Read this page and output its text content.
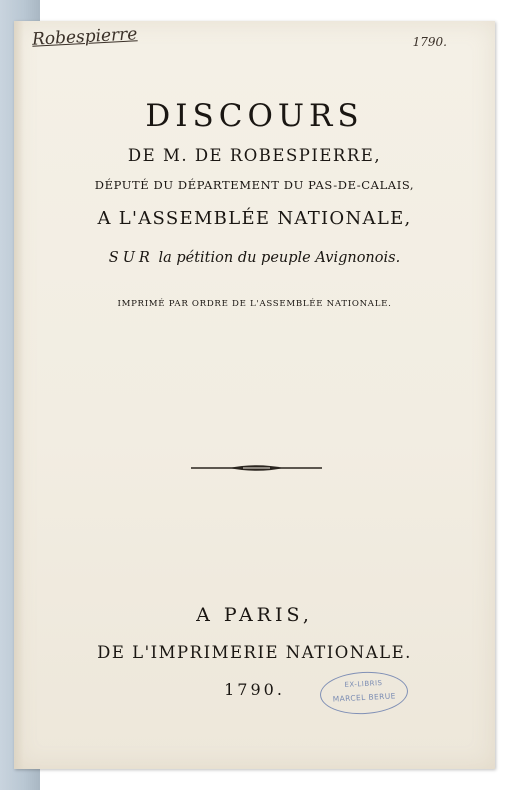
Robespierre	1790.
DISCOURS
DE M. DE ROBESPIERRE,
DÉPUTÉ DU DÉPARTEMENT DU PAS-DE-CALAIS,
A L'ASSEMBLÉE NATIONALE,
SUR la pétition du peuple Avignonois.
IMPRIMÉ PAR ORDRE DE L'ASSEMBLÉE NATIONALE.
A PARIS,
DE L'IMPRIMERIE NATIONALE.
1790.	EX-LIBRIS
MARCEL BERUE
